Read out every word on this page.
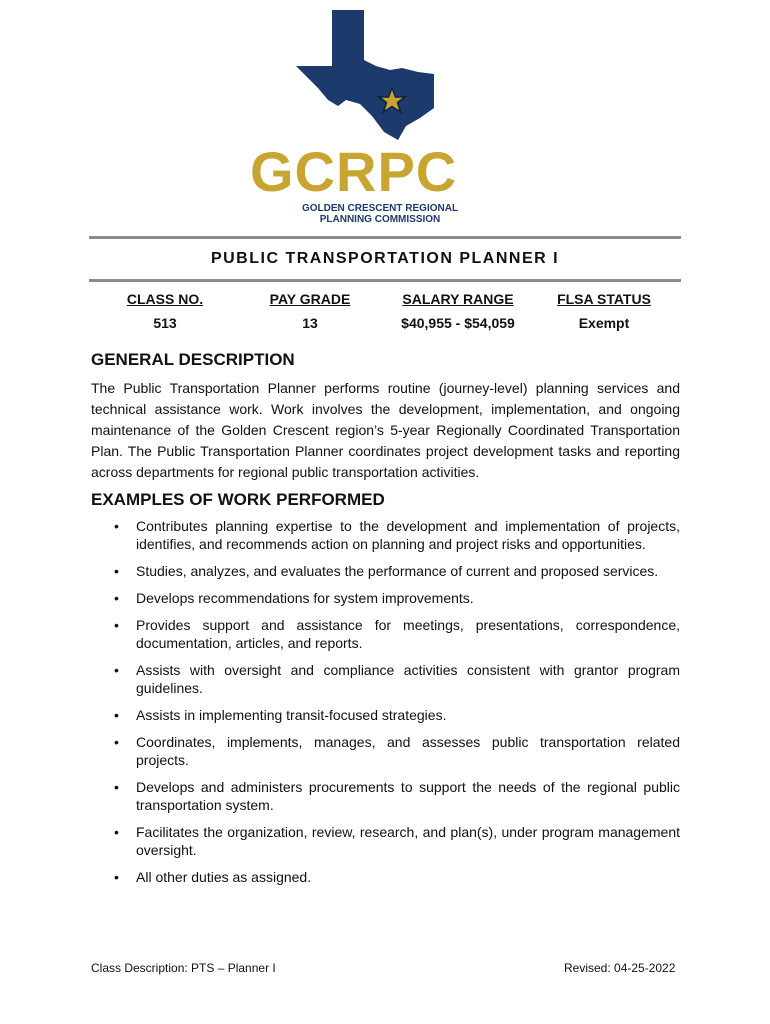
GCRPC
GOLDEN CRESCENT REGIONAL
PLANNING COMMISSION
PUBLIC TRANSPORTATION PLANNER I
CLASS NO.
513
PAY GRADE
13
SALARY RANGE
$40,955 - $54,059
FLSA STATUS
Exempt
GENERAL DESCRIPTION
The Public Transportation Planner performs routine (journey-level) planning services and technical assistance work. Work involves the development, implementation, and ongoing maintenance of the Golden Crescent region’s 5-year Regionally Coordinated Transportation Plan. The Public Transportation Planner coordinates project development tasks and reporting across departments for regional public transportation activities.
EXAMPLES OF WORK PERFORMED
• Contributes planning expertise to the development and implementation of projects, identifies, and recommends action on planning and project risks and opportunities.
• Studies, analyzes, and evaluates the performance of current and proposed services.
• Develops recommendations for system improvements.
• Provides support and assistance for meetings, presentations, correspondence, documentation, articles, and reports.
• Assists with oversight and compliance activities consistent with grantor program guidelines.
• Assists in implementing transit-focused strategies.
• Coordinates, implements, manages, and assesses public transportation related projects.
• Develops and administers procurements to support the needs of the regional public transportation system.
• Facilitates the organization, review, research, and plan(s), under program management oversight.
• All other duties as assigned.
Class Description: PTS – Planner I	Revised: 04-25-2022
